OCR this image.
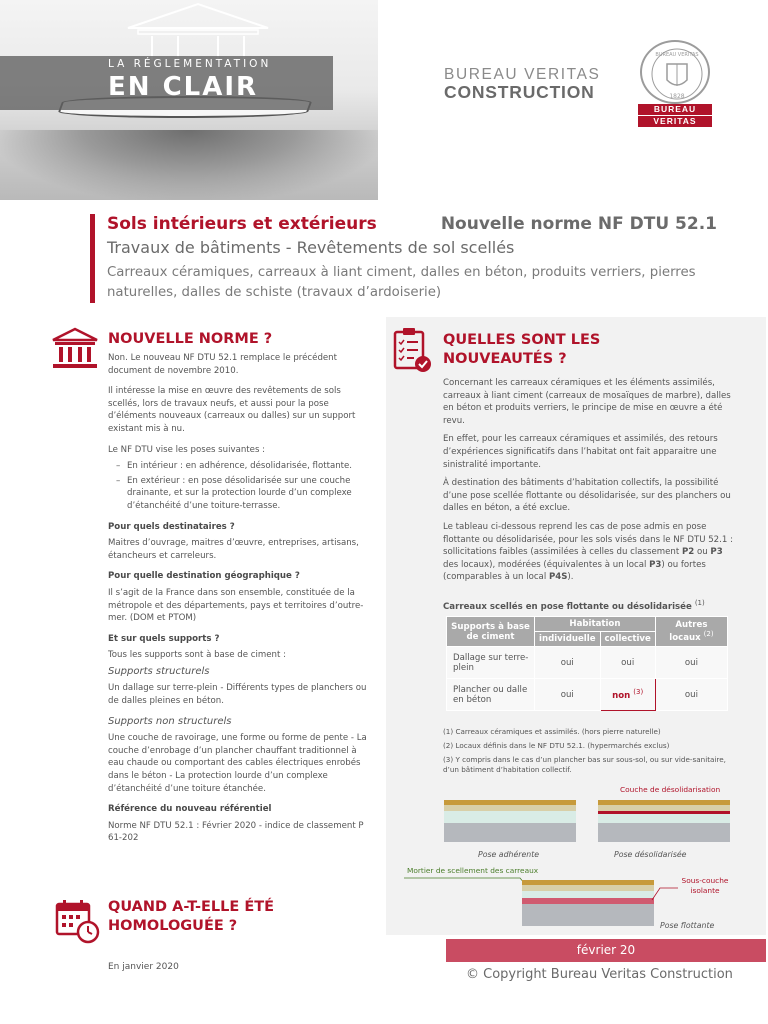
LA RÉGLEMENTATION
EN CLAIR	BUREAU VERITAS
CONSTRUCTION	1828
BUREAU VERITAS
BUREAU
VERITAS
Sols intérieurs et extérieurs	Nouvelle norme NF DTU 52.1
Travaux de bâtiments - Revêtements de sol scellés
Carreaux céramiques, carreaux à liant ciment, dalles en béton, produits verriers, pierres naturelles, dalles de schiste (travaux d’ardoiserie)
NOUVELLE NORME ?

Non. Le nouveau NF DTU 52.1 remplace le précédent document de novembre 2010.

Il intéresse la mise en œuvre des revêtements de sols scellés, lors de travaux neufs, et aussi pour la pose d’éléments nouveaux (carreaux ou dalles) sur un support existant mis à nu.

Le NF DTU vise les poses suivantes :

– En intérieur : en adhérence, désolidarisée, flottante.
– En extérieur : en pose désolidarisée sur une couche drainante, et sur la protection lourde d’un complexe d’étanchéité d’une toiture-terrasse.
Pour quels destinataires ?

Maitres d’ouvrage, maitres d’œuvre, entreprises, artisans, étancheurs et carreleurs.

Pour quelle destination géographique ?

Il s’agit de la France dans son ensemble, constituée de la métropole et des départements, pays et territoires d’outre-mer. (DOM et PTOM)

Et sur quels supports ?

Tous les supports sont à base de ciment :

Supports structurels

Un dallage sur terre-plein - Différents types de planchers ou de dalles pleines en béton.

Supports non structurels

Une couche de ravoirage, une forme ou forme de pente - La couche d’enrobage d’un plancher chauffant traditionnel à eau chaude ou comportant des cables électriques enrobés dans le béton - La protection lourde d’un complexe d’étanchéité d’une toiture étanchée.

Référence du nouveau référentiel

Norme NF DTU 52.1 : Février 2020 - indice de classement P 61-202

QUAND A-T-ELLE ÉTÉ
HOMOLOGUÉE ?
En janvier 2020
QUELLES SONT LES
NOUVEAUTÉS ?

Concernant les carreaux céramiques et les éléments assimilés, carreaux à liant ciment (carreaux de mosaïques de marbre), dalles en béton et produits verriers, le principe de mise en œuvre a été revu.

En effet, pour les carreaux céramiques et assimilés, des retours d’expériences significatifs dans l’habitat ont fait apparaitre une sinistralité importante.

À destination des bâtiments d’habitation collectifs, la possibilité d’une pose scellée flottante ou désolidarisée, sur des planchers ou dalles en béton, a été exclue.

Le tableau ci-dessous reprend les cas de pose admis en pose flottante ou désolidarisée, pour les sols visés dans le NF DTU 52.1 : sollicitations faibles (assimilées à celles du classement P2 ou P3 des locaux), modérées (équivalentes à un local P3) ou fortes (comparables à un local P4S).

Carreaux scellés en pose flottante ou désolidarisée $^{(1)}$
Supports à base de ciment	Habitation		Autres locaux $^{(2)}$
	individuelle	collective	
Dallage sur terre-plein	oui	oui	oui
Plancher ou dalle en béton	oui	non $^{(3)}$	oui

(1) Carreaux céramiques et assimilés. (hors pierre naturelle)

(2) Locaux définis dans le NF DTU 52.1. (hypermarchés exclus)

(3) Y compris dans le cas d’un plancher bas sur sous-sol, ou sur vide-sanitaire, d’un bâtiment d’habitation collectif.

Pose adhérente
Couche de désolidarisation
Pose désolidarisée
Mortier de scellement des carreaux
Sous-couche isolante
Pose flottante
février 20
© Copyright Bureau Veritas Construction
